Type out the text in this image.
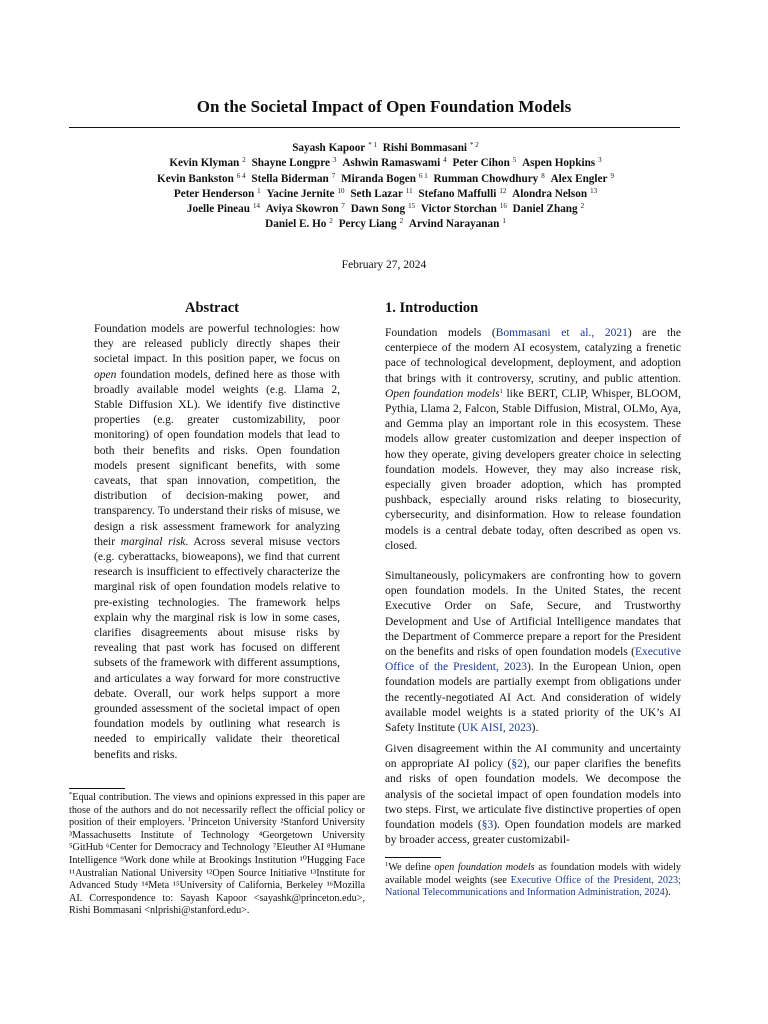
On the Societal Impact of Open Foundation Models
Sayash Kapoor $^{* 1}$ Rishi Bommasani $^{* 2}$
Kevin Klyman $^2$ Shayne Longpre $^3$ Ashwin Ramaswami $^4$ Peter Cihon $^5$ Aspen Hopkins $^3$
Kevin Bankston $^{6 4}$ Stella Biderman $^7$ Miranda Bogen $^{6 1}$ Rumman Chowdhury $^8$ Alex Engler $^9$
Peter Henderson $^1$ Yacine Jernite $^{10}$ Seth Lazar $^{11}$ Stefano Maffulli $^{12}$ Alondra Nelson $^{13}$
Joelle Pineau $^{14}$ Aviya Skowron $^7$ Dawn Song $^{15}$ Victor Storchan $^{16}$ Daniel Zhang $^2$
Daniel E. Ho $^2$ Percy Liang $^2$ Arvind Narayanan $^1$
February 27, 2024
Abstract

Foundation models are powerful technologies: how they are released publicly directly shapes their societal impact. In this position paper, we focus on open foundation models, defined here as those with broadly available model weights (e.g. Llama 2, Stable Diffusion XL). We identify five distinctive properties (e.g. greater customizability, poor monitoring) of open foundation models that lead to both their benefits and risks. Open foundation models present significant benefits, with some caveats, that span innovation, competition, the distribution of decision-making power, and transparency. To understand their risks of misuse, we design a risk assessment framework for analyzing their marginal risk. Across several misuse vectors (e.g. cyberattacks, bioweapons), we find that current research is insufficient to effectively characterize the marginal risk of open foundation models relative to pre-existing technologies. The framework helps explain why the marginal risk is low in some cases, clarifies disagreements about misuse risks by revealing that past work has focused on different subsets of the framework with different assumptions, and articulates a way forward for more constructive debate. Overall, our work helps support a more grounded assessment of the societal impact of open foundation models by outlining what research is needed to empirically validate their theoretical benefits and risks.

*Equal contribution. The views and opinions expressed in this paper are those of the authors and do not necessarily reflect the official policy or position of their employers. $^1$Princeton University ²Stanford University ³Massachusetts Institute of Technology ⁴Georgetown University ⁵GitHub ⁶Center for Democracy and Technology ⁷Eleuther AI ⁸Humane Intelligence ⁹Work done while at Brookings Institution ¹⁰Hugging Face ¹¹Australian National University ¹²Open Source Initiative ¹³Institute for Advanced Study ¹⁴Meta ¹⁵University of California, Berkeley ¹⁶Mozilla AI. Correspondence to: Sayash Kapoor <sayashk@princeton.edu>, Rishi Bommasani <nlprishi@stanford.edu>.

1. Introduction

Foundation models (Bommasani et al., 2021) are the centerpiece of the modern AI ecosystem, catalyzing a frenetic pace of technological development, deployment, and adoption that brings with it controversy, scrutiny, and public attention. Open foundation models$^1$ like BERT, CLIP, Whisper, BLOOM, Pythia, Llama 2, Falcon, Stable Diffusion, Mistral, OLMo, Aya, and Gemma play an important role in this ecosystem. These models allow greater customization and deeper inspection of how they operate, giving developers greater choice in selecting foundation models. However, they may also increase risk, especially given broader adoption, which has prompted pushback, especially around risks relating to biosecurity, cybersecurity, and disinformation. How to release foundation models is a central debate today, often described as open vs. closed.

Simultaneously, policymakers are confronting how to govern open foundation models. In the United States, the recent Executive Order on Safe, Secure, and Trustworthy Development and Use of Artificial Intelligence mandates that the Department of Commerce prepare a report for the President on the benefits and risks of open foundation models (Executive Office of the President, 2023). In the European Union, open foundation models are partially exempt from obligations under the recently-negotiated AI Act. And consideration of widely available model weights is a stated priority of the UK’s AI Safety Institute (UK AISI, 2023).

Given disagreement within the AI community and uncertainty on appropriate AI policy (§2), our paper clarifies the benefits and risks of open foundation models. We decompose the analysis of the societal impact of open foundation models into two steps. First, we articulate five distinctive properties of open foundation models (§3). Open foundation models are marked by broader access, greater customizabil-

$^1$We define open foundation models as foundation models with widely available model weights (see Executive Office of the President, 2023; National Telecommunications and Information Administration, 2024).
